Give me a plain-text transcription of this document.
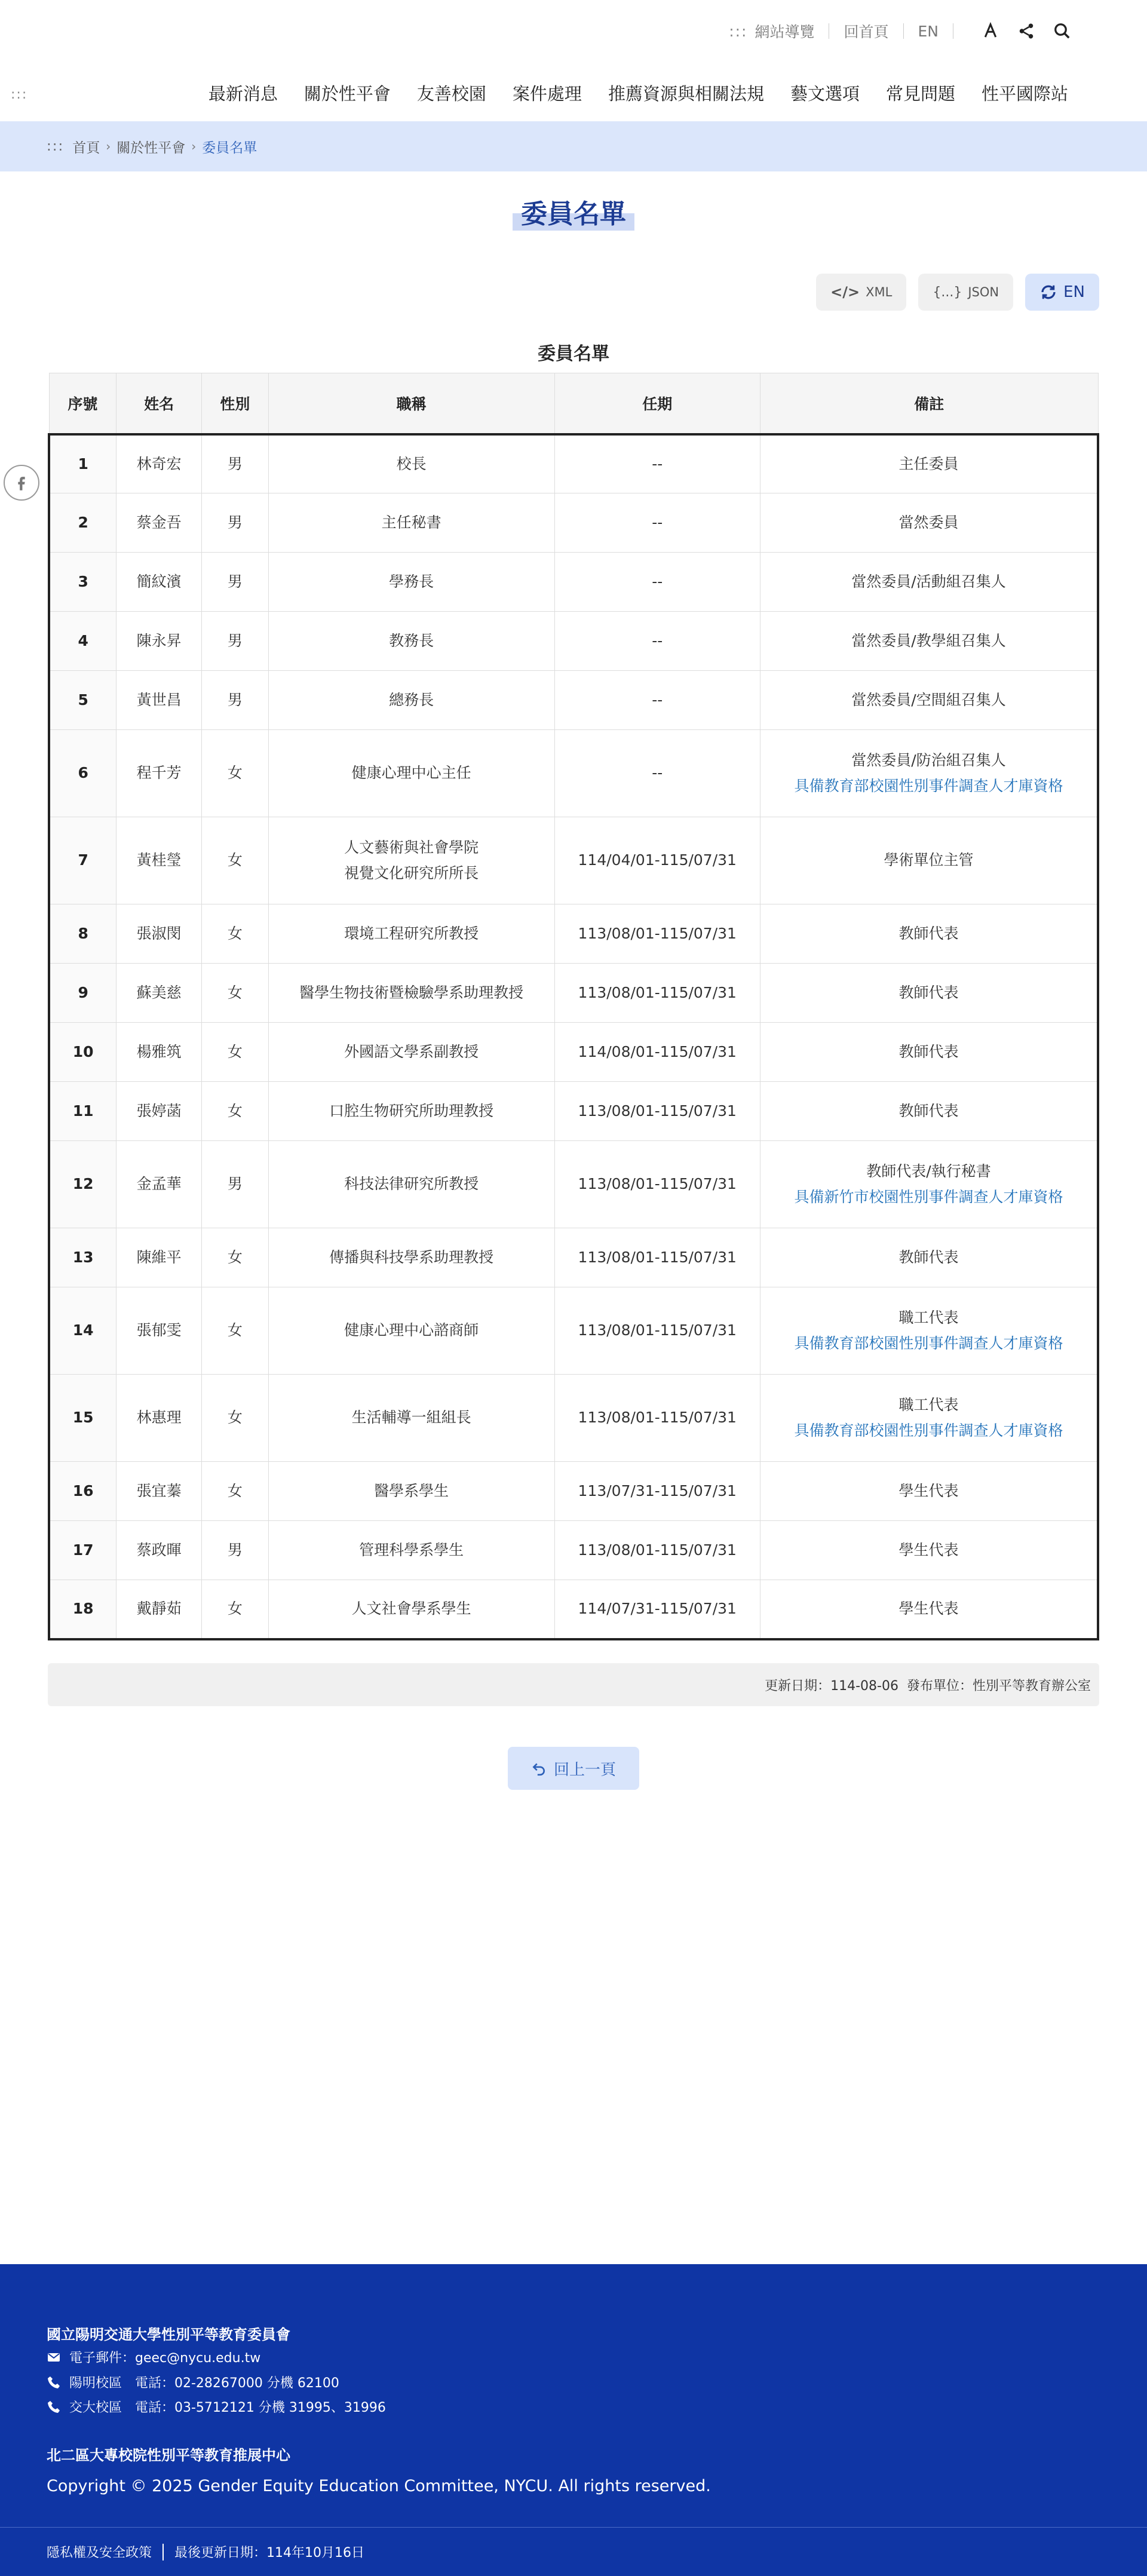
::: 網站導覽 回首頁 EN
:::	最新消息	關於性平會	友善校園	案件處理	推薦資源與相關法規	藝文選項	常見問題	性平國際站
::: 首頁 › 關於性平會 › 委員名單
委員名單
</> XML	{...} JSON	EN
委員名單
序號	姓名	性別	職稱	任期	備註
1	林奇宏	男	校長	--	主任委員

2	蔡金吾	男	主任秘書	--	當然委員

3	簡紋濱	男	學務長	--	當然委員/活動組召集人

4	陳永昇	男	教務長	--	當然委員/教學組召集人

5	黃世昌	男	總務長	--	當然委員/空間組召集人

6	程千芳	女	健康心理中心主任	--	當然委員/防治組召集人
具備教育部校園性別事件調查人才庫資格

7	黃桂瑩	女	人文藝術與社會學院
視覺文化研究所所長	114/04/01-115/07/31	學術單位主管

8	張淑閔	女	環境工程研究所教授	113/08/01-115/07/31	教師代表

9	蘇美慈	女	醫學生物技術暨檢驗學系助理教授	113/08/01-115/07/31	教師代表

10	楊雅筑	女	外國語文學系副教授	114/08/01-115/07/31	教師代表

11	張婷菡	女	口腔生物研究所助理教授	113/08/01-115/07/31	教師代表

12	金孟華	男	科技法律研究所教授	113/08/01-115/07/31	教師代表/執行秘書
具備新竹市校園性別事件調查人才庫資格

13	陳維平	女	傳播與科技學系助理教授	113/08/01-115/07/31	教師代表

14	張郁雯	女	健康心理中心諮商師	113/08/01-115/07/31	職工代表
具備教育部校園性別事件調查人才庫資格

15	林惠理	女	生活輔導一組組長	113/08/01-115/07/31	職工代表
具備教育部校園性別事件調查人才庫資格

16	張宜蓁	女	醫學系學生	113/07/31-115/07/31	學生代表

17	蔡政暉	男	管理科學系學生	113/08/01-115/07/31	學生代表

18	戴靜茹	女	人文社會學系學生	114/07/31-115/07/31	學生代表
更新日期：114-08-06 發布單位：性別平等教育辦公室
回上一頁
國立陽明交通大學性別平等教育委員會
電子郵件：geec@nycu.edu.tw
陽明校區　電話：02-28267000 分機 62100
交大校區　電話：03-5712121 分機 31995、31996
北二區大專校院性別平等教育推展中心
Copyright © 2025 Gender Equity Education Committee, NYCU. All rights reserved.
隱私權及安全政策 最後更新日期：114年10月16日
